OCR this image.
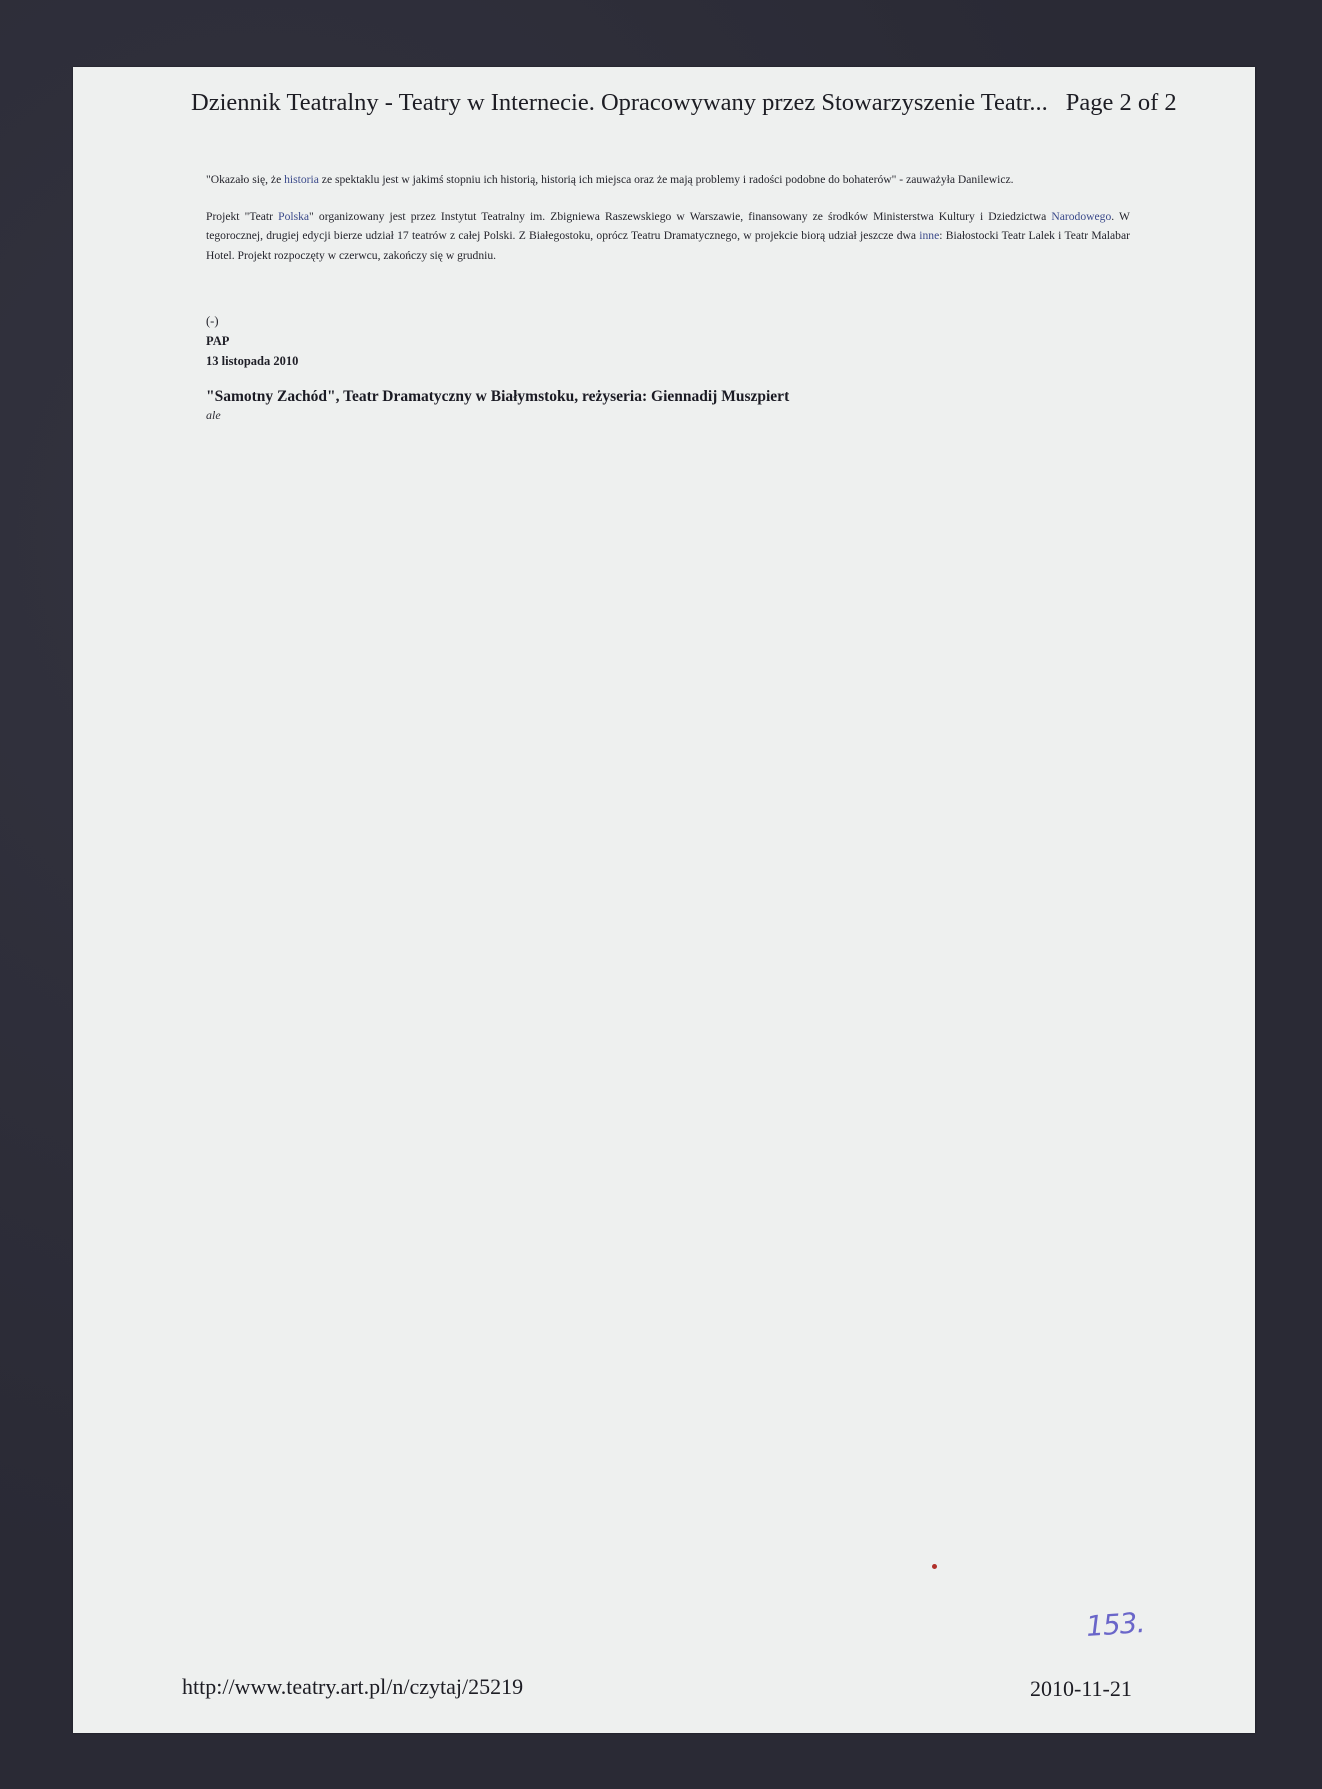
Dziennik Teatralny - Teatry w Internecie. Opracowywany przez Stowarzyszenie Teatr... Page 2 of 2

"Okazało się, że historia ze spektaklu jest w jakimś stopniu ich historią, historią ich miejsca oraz że mają problemy i radości podobne do bohaterów" - zauważyła Danilewicz.

Projekt "Teatr Polska" organizowany jest przez Instytut Teatralny im. Zbigniewa Raszewskiego w Warszawie, finansowany ze środków Ministerstwa Kultury i Dziedzictwa Narodowego. W tegorocznej, drugiej edycji bierze udział 17 teatrów z całej Polski. Z Białegostoku, oprócz Teatru Dramatycznego, w projekcie biorą udział jeszcze dwa inne: Białostocki Teatr Lalek i Teatr Malabar Hotel. Projekt rozpoczęty w czerwcu, zakończy się w grudniu.

(-)
PAP
13 listopada 2010
"Samotny Zachód", Teatr Dramatyczny w Białymstoku, reżyseria: Giennadij Muszpiert
ale
http://www.teatry.art.pl/n/czytaj/25219	2010-11-21
153.
